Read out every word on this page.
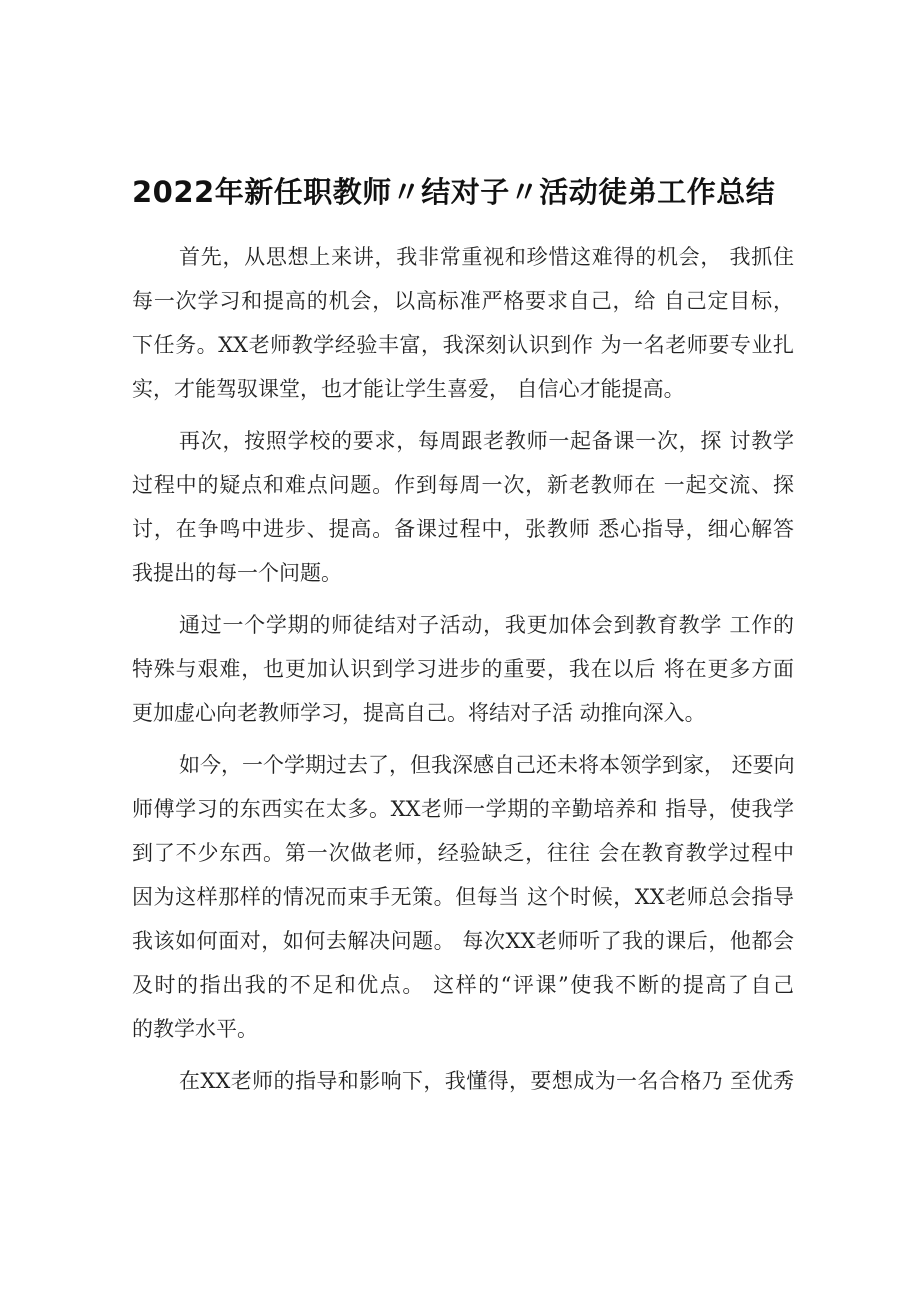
2022年新任职教师〃结对子〃活动徒弟工作总结
首先，从思想上来讲，我非常重视和珍惜这难得的机会， 我抓住
每一次学习和提高的机会，以高标准严格要求自己，给 自己定目标，
下任务。XX老师教学经验丰富，我深刻认识到作 为一名老师要专业扎
实，才能驾驭课堂，也才能让学生喜爱， 自信心才能提高。
再次，按照学校的要求，每周跟老教师一起备课一次，探 讨教学
过程中的疑点和难点问题。作到每周一次，新老教师在 一起交流、探
讨，在争鸣中进步、提高。备课过程中，张教师 悉心指导，细心解答
我提出的每一个问题。
通过一个学期的师徒结对子活动，我更加体会到教育教学 工作的
特殊与艰难，也更加认识到学习进步的重要，我在以后 将在更多方面
更加虚心向老教师学习，提高自己。将结对子活 动推向深入。
如今，一个学期过去了，但我深感自己还未将本领学到家， 还要向
师傅学习的东西实在太多。XX老师一学期的辛勤培养和 指导，使我学
到了不少东西。第一次做老师，经验缺乏，往往 会在教育教学过程中
因为这样那样的情况而束手无策。但每当 这个时候，XX老师总会指导
我该如何面对，如何去解决问题。 每次XX老师听了我的课后，他都会
及时的指出我的不足和优点。 这样的“评课”使我不断的提高了自己
的教学水平。
在XX老师的指导和影响下，我懂得，要想成为一名合格乃 至优秀
